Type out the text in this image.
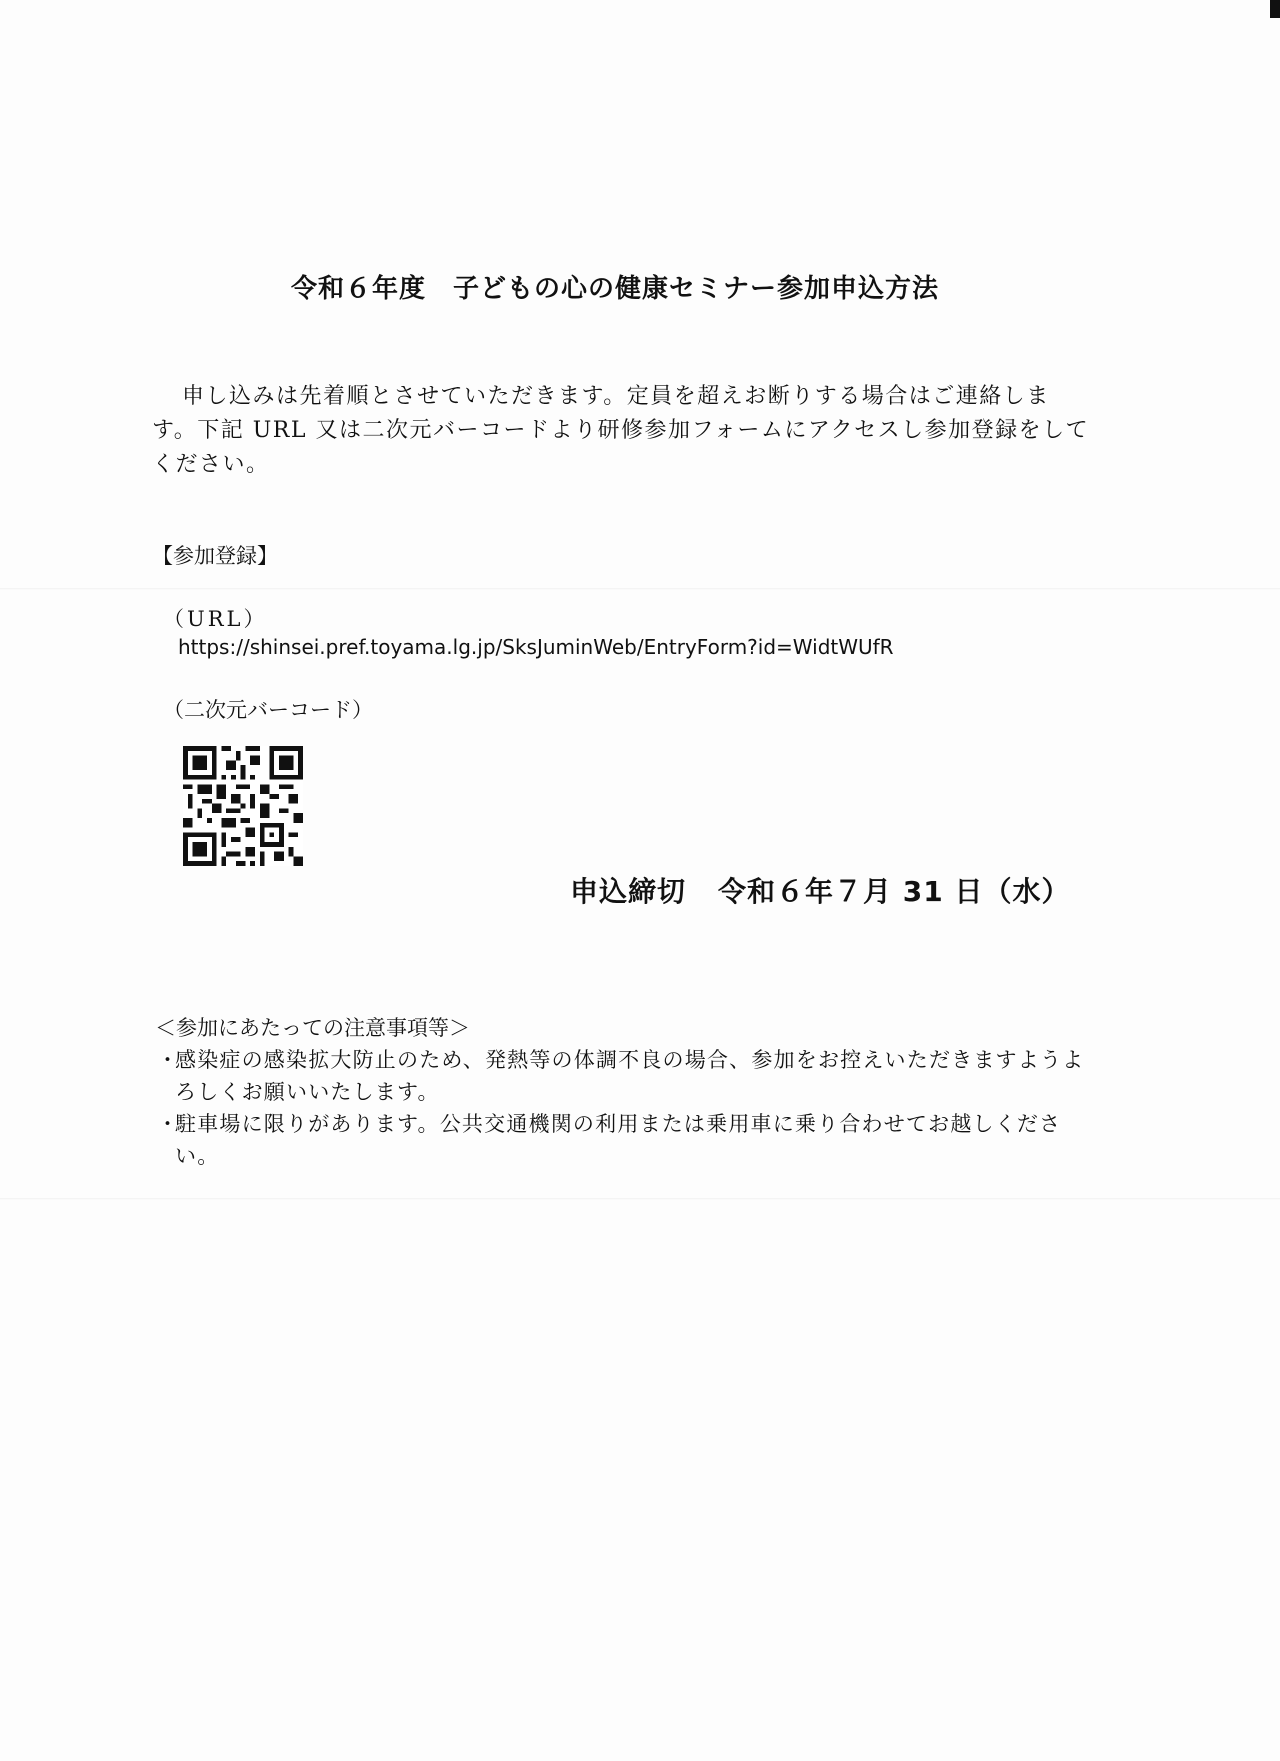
令和６年度　子どもの心の健康セミナー参加申込方法
申し込みは先着順とさせていただきます。定員を超えお断りする場合はご連絡します。下記 URL 又は二次元バーコードより研修参加フォームにアクセスし参加登録をしてください。
【参加登録】
（URL）
https://shinsei.pref.toyama.lg.jp/SksJuminWeb/EntryForm?id=WidtWUfR
（二次元バーコード）
申込締切 令和６年７月 31 日（水）
＜参加にあたっての注意事項等＞
・
感染症の感染拡大防止のため、発熱等の体調不良の場合、参加をお控えいただきますようよろしくお願いいたします。
・
駐車場に限りがあります。公共交通機関の利用または乗用車に乗り合わせてお越しください。
